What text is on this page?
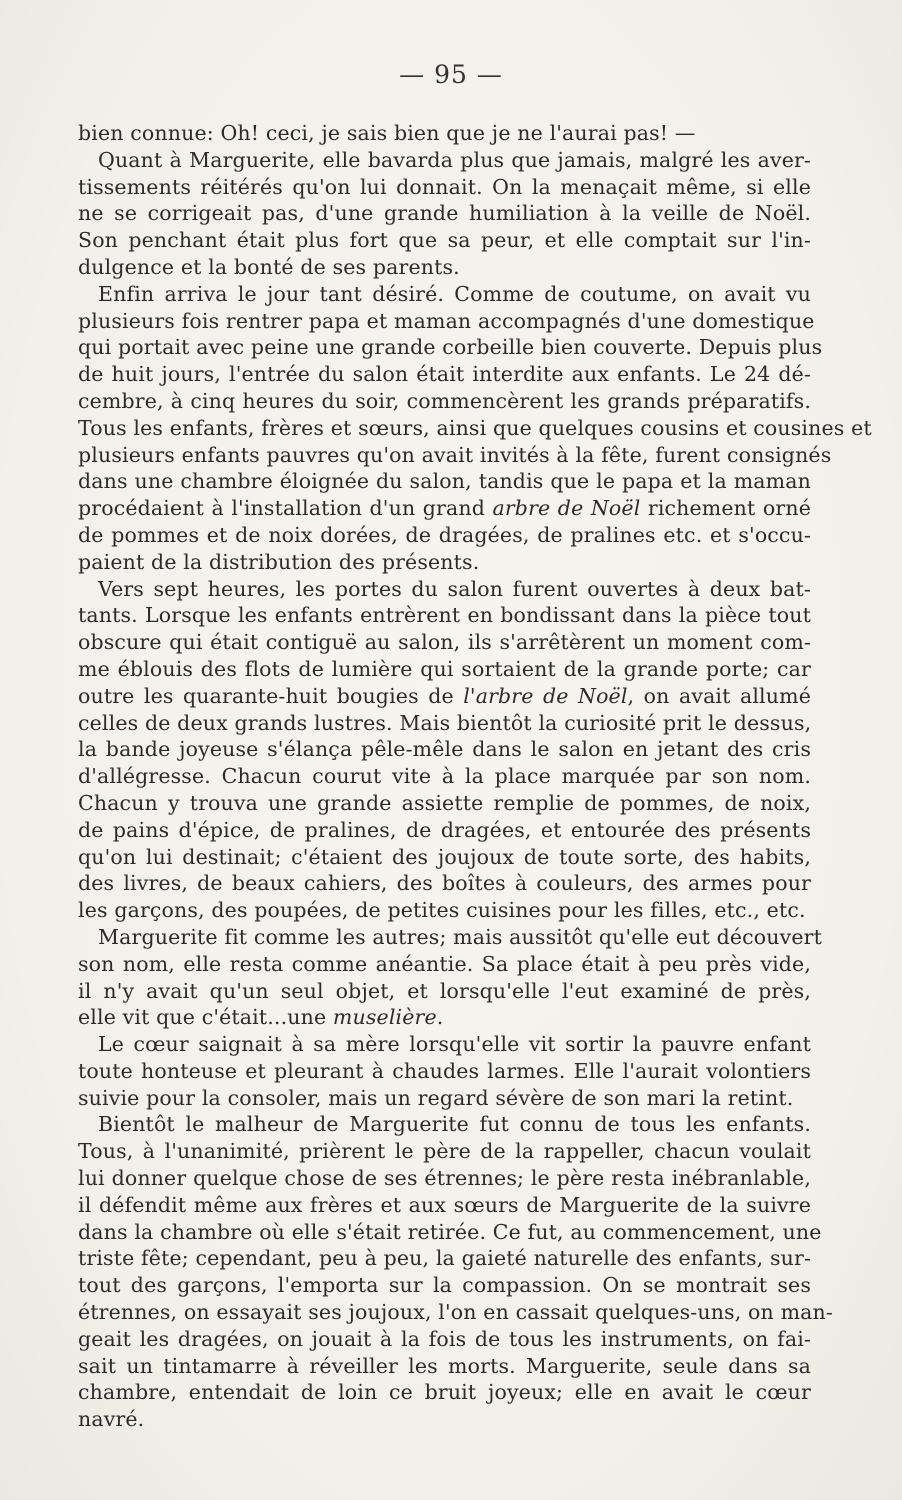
— 95 —
bien connue: Oh! ceci, je sais bien que je ne l'aurai pas! —
Quant à Marguerite, elle bavarda plus que jamais, malgré les aver-
tissements réitérés qu'on lui donnait. On la menaçait même, si elle
ne se corrigeait pas, d'une grande humiliation à la veille de Noël.
Son penchant était plus fort que sa peur, et elle comptait sur l'in-
dulgence et la bonté de ses parents.
Enfin arriva le jour tant désiré. Comme de coutume, on avait vu
plusieurs fois rentrer papa et maman accompagnés d'une domestique
qui portait avec peine une grande corbeille bien couverte. Depuis plus
de huit jours, l'entrée du salon était interdite aux enfants. Le 24 dé-
cembre, à cinq heures du soir, commencèrent les grands préparatifs.
Tous les enfants, frères et sœurs, ainsi que quelques cousins et cousines et
plusieurs enfants pauvres qu'on avait invités à la fête, furent consignés
dans une chambre éloignée du salon, tandis que le papa et la maman
procédaient à l'installation d'un grand arbre de Noël richement orné
de pommes et de noix dorées, de dragées, de pralines etc. et s'occu-
paient de la distribution des présents.
Vers sept heures, les portes du salon furent ouvertes à deux bat-
tants. Lorsque les enfants entrèrent en bondissant dans la pièce tout
obscure qui était contiguë au salon, ils s'arrêtèrent un moment com-
me éblouis des flots de lumière qui sortaient de la grande porte; car
outre les quarante-huit bougies de l'arbre de Noël, on avait allumé
celles de deux grands lustres. Mais bientôt la curiosité prit le dessus,
la bande joyeuse s'élança pêle-mêle dans le salon en jetant des cris
d'allégresse. Chacun courut vite à la place marquée par son nom.
Chacun y trouva une grande assiette remplie de pommes, de noix,
de pains d'épice, de pralines, de dragées, et entourée des présents
qu'on lui destinait; c'étaient des joujoux de toute sorte, des habits,
des livres, de beaux cahiers, des boîtes à couleurs, des armes pour
les garçons, des poupées, de petites cuisines pour les filles, etc., etc.
Marguerite fit comme les autres; mais aussitôt qu'elle eut découvert
son nom, elle resta comme anéantie. Sa place était à peu près vide,
il n'y avait qu'un seul objet, et lorsqu'elle l'eut examiné de près,
elle vit que c'était...une muselière.
Le cœur saignait à sa mère lorsqu'elle vit sortir la pauvre enfant
toute honteuse et pleurant à chaudes larmes. Elle l'aurait volontiers
suivie pour la consoler, mais un regard sévère de son mari la retint.
Bientôt le malheur de Marguerite fut connu de tous les enfants.
Tous, à l'unanimité, prièrent le père de la rappeller, chacun voulait
lui donner quelque chose de ses étrennes; le père resta inébranlable,
il défendit même aux frères et aux sœurs de Marguerite de la suivre
dans la chambre où elle s'était retirée. Ce fut, au commencement, une
triste fête; cependant, peu à peu, la gaieté naturelle des enfants, sur-
tout des garçons, l'emporta sur la compassion. On se montrait ses
étrennes, on essayait ses joujoux, l'on en cassait quelques-uns, on man-
geait les dragées, on jouait à la fois de tous les instruments, on fai-
sait un tintamarre à réveiller les morts. Marguerite, seule dans sa
chambre, entendait de loin ce bruit joyeux; elle en avait le cœur
navré.
